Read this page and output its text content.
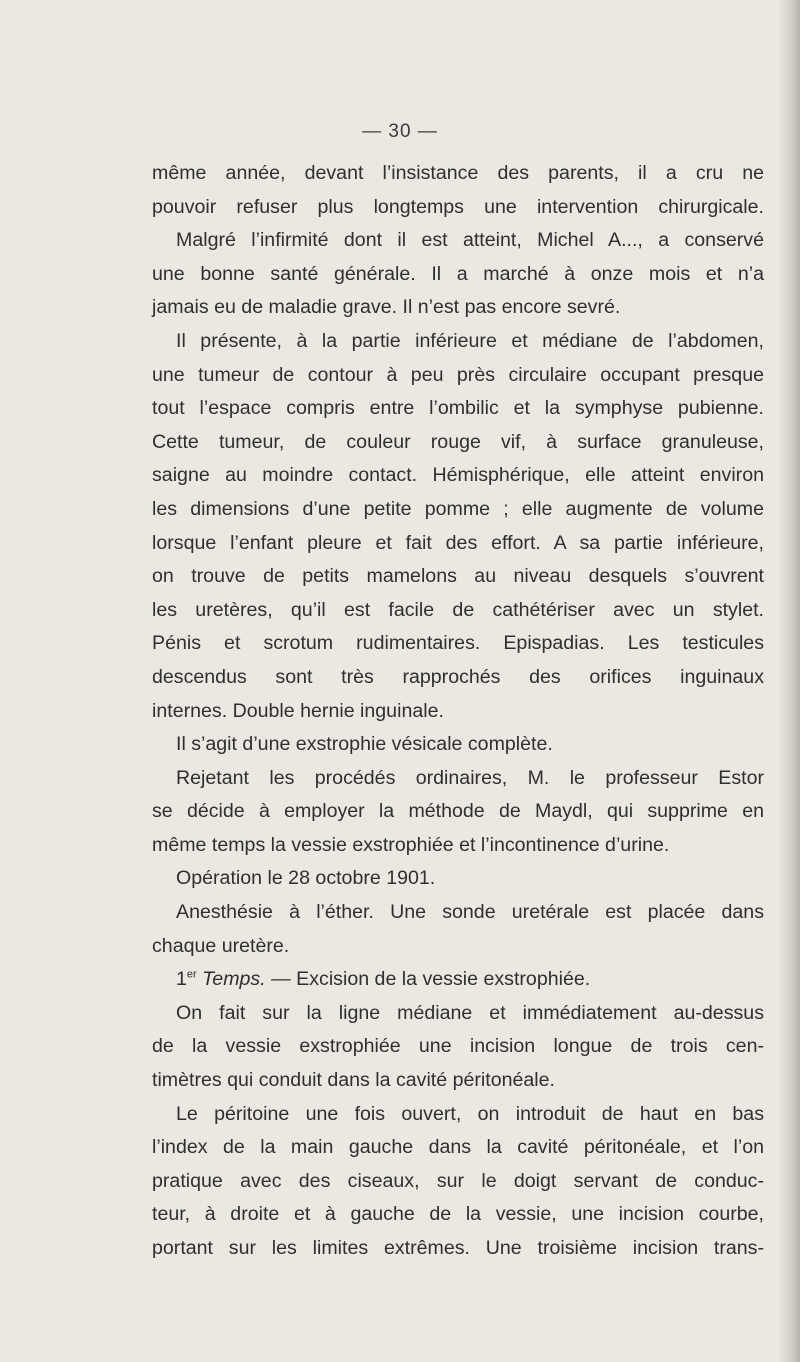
— 30 —
même année, devant l’insistance des parents, il a cru ne
pouvoir refuser plus longtemps une intervention chirurgicale.
Malgré l’infirmité dont il est atteint, Michel A..., a conservé
une bonne santé générale. Il a marché à onze mois et n’a
jamais eu de maladie grave. Il n’est pas encore sevré.
Il présente, à la partie inférieure et médiane de l’abdomen,
une tumeur de contour à peu près circulaire occupant presque
tout l’espace compris entre l’ombilic et la symphyse pubienne.
Cette tumeur, de couleur rouge vif, à surface granuleuse,
saigne au moindre contact. Hémisphérique, elle atteint environ
les dimensions d’une petite pomme ; elle augmente de volume
lorsque l’enfant pleure et fait des effort. A sa partie inférieure,
on trouve de petits mamelons au niveau desquels s’ouvrent
les uretères, qu’il est facile de cathétériser avec un stylet.
Pénis et scrotum rudimentaires. Epispadias. Les testicules
descendus sont très rapprochés des orifices inguinaux
internes. Double hernie inguinale.
Il s’agit d’une exstrophie vésicale complète.
Rejetant les procédés ordinaires, M. le professeur Estor
se décide à employer la méthode de Maydl, qui supprime en
même temps la vessie exstrophiée et l’incontinence d’urine.
Opération le 28 octobre 1901.
Anesthésie à l’éther. Une sonde uretérale est placée dans
chaque uretère.
1er Temps. — Excision de la vessie exstrophiée.
On fait sur la ligne médiane et immédiatement au-dessus
de la vessie exstrophiée une incision longue de trois cen-
timètres qui conduit dans la cavité péritonéale.
Le péritoine une fois ouvert, on introduit de haut en bas
l’index de la main gauche dans la cavité péritonéale, et l’on
pratique avec des ciseaux, sur le doigt servant de conduc-
teur, à droite et à gauche de la vessie, une incision courbe,
portant sur les limites extrêmes. Une troisième incision trans-
